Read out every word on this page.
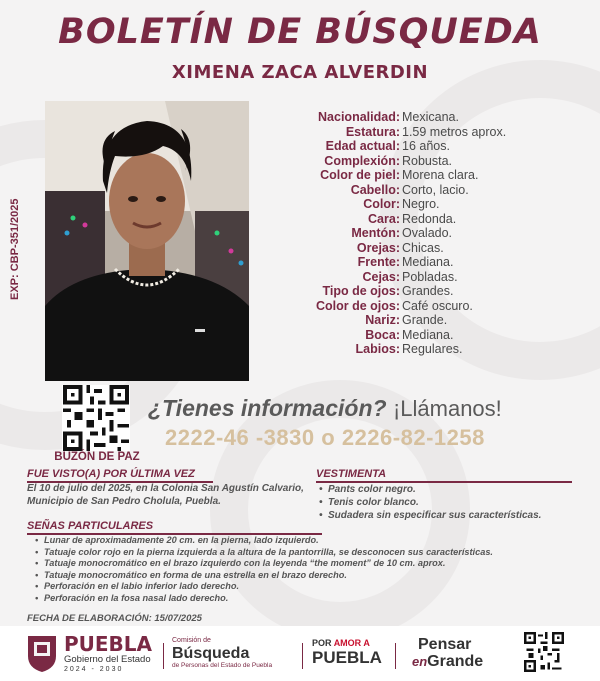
BOLETÍN DE BÚSQUEDA
XIMENA ZACA ALVERDIN
EXP: CBP-351/2025
Nacionalidad: Mexicana.
Estatura: 1.59 metros aprox.
Edad actual: 16 años.
Complexión: Robusta.
Color de piel: Morena clara.
Cabello: Corto, lacio.
Color: Negro.
Cara: Redonda.
Mentón: Ovalado.
Orejas: Chicas.
Frente: Mediana.
Cejas: Pobladas.
Tipo de ojos: Grandes.
Color de ojos: Café oscuro.
Nariz: Grande.
Boca: Mediana.
Labios: Regulares.
BUZÓN DE PAZ
¿Tienes información? ¡Llámanos!
2222-46 -3830 o 2226-82-1258
FUE VISTO(A) POR ÚLTIMA VEZ
El 10 de julio del 2025, en la Colonia San Agustín Calvario, Municipio de San Pedro Cholula, Puebla.
VESTIMENTA
• Pants color negro.
• Tenis color blanco.
• Sudadera sin especificar sus características.
SEÑAS PARTICULARES
• Lunar de aproximadamente 20 cm. en la pierna, lado izquierdo.
• Tatuaje color rojo en la pierna izquierda a la altura de la pantorrilla, se desconocen sus características.
• Tatuaje monocromático en el brazo izquierdo con la leyenda “the moment” de 10 cm. aprox.
• Tatuaje monocromático en forma de una estrella en el brazo derecho.
• Perforación en el labio inferior lado derecho.
• Perforación en la fosa nasal lado derecho.
FECHA DE ELABORACIÓN: 15/07/2025
PUEBLA
Gobierno del Estado
2024 - 2030
Comisión de
Búsqueda
de Personas del Estado de Puebla
POR AMOR A
PUEBLA
Pensar
enGrande
